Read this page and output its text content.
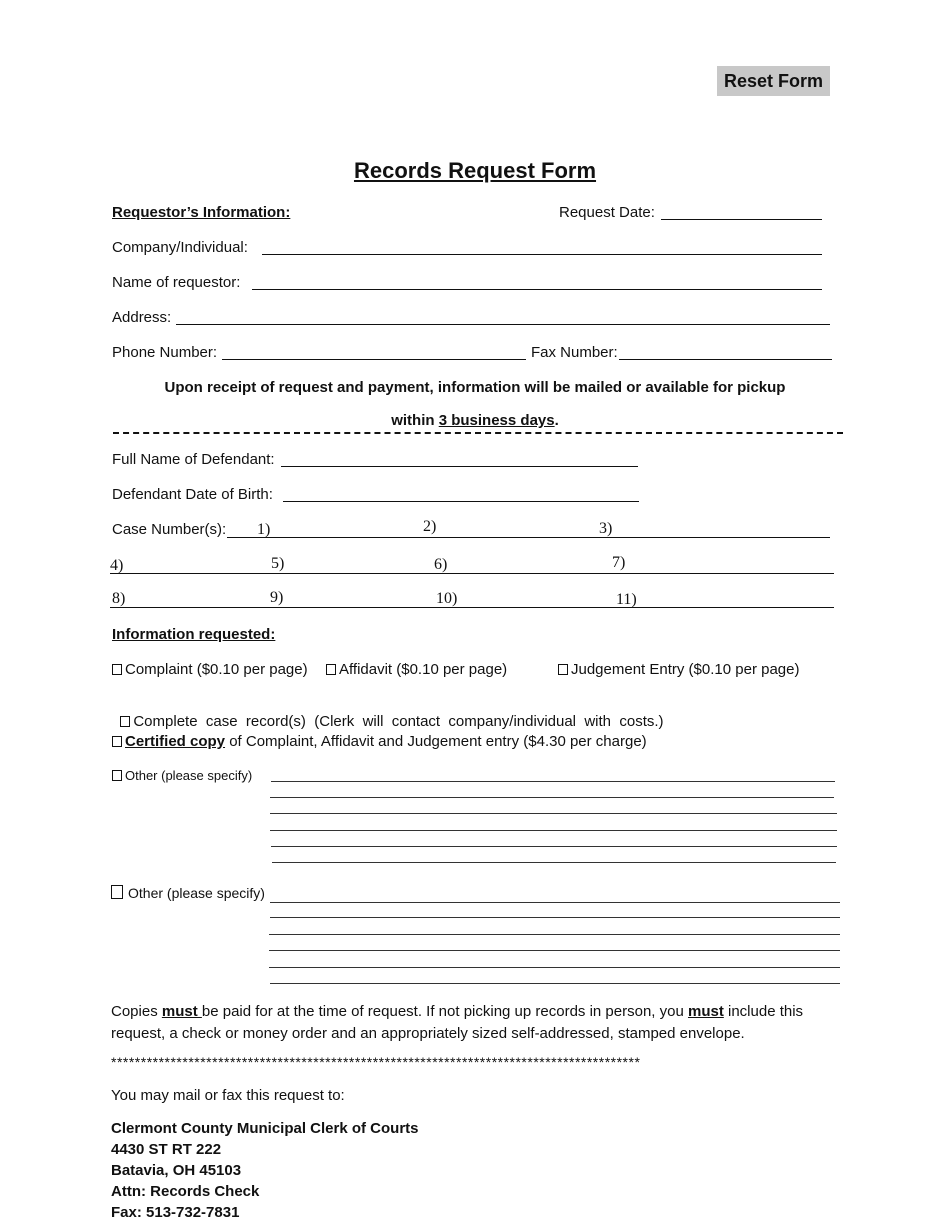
Reset Form
Records Request Form
Requestor’s Information:	Request Date:
Company/Individual:
Name of requestor:
Address:
Phone Number:	Fax Number:
Upon receipt of request and payment, information will be mailed or available for pickup
within 3 business days.
Full Name of Defendant:
Defendant Date of Birth:
Case Number(s): 1)	2)	3)
4)	5)	6)	7)
8)	9)	10)	11)
Information requested:
Complaint ($0.10 per page)	Affidavit ($0.10 per page)	Judgement Entry ($0.10 per page)

Complete  case  record(s)  (Clerk  will  contact  company/individual  with  costs.)

Certified copy of Complaint, Affidavit and Judgement entry ($4.30 per charge)
Other (please specify)
Other (please specify)
Copies must be paid for at the time of request. If not picking up records in person, you must include this
request, a check or money order and an appropriately sized self-addressed, stamped envelope.
*****************************************************************************************
You may mail or fax this request to:
Clermont County Municipal Clerk of Courts
4430 ST RT 222
Batavia, OH 45103
Attn: Records Check
Fax: 513-732-7831
